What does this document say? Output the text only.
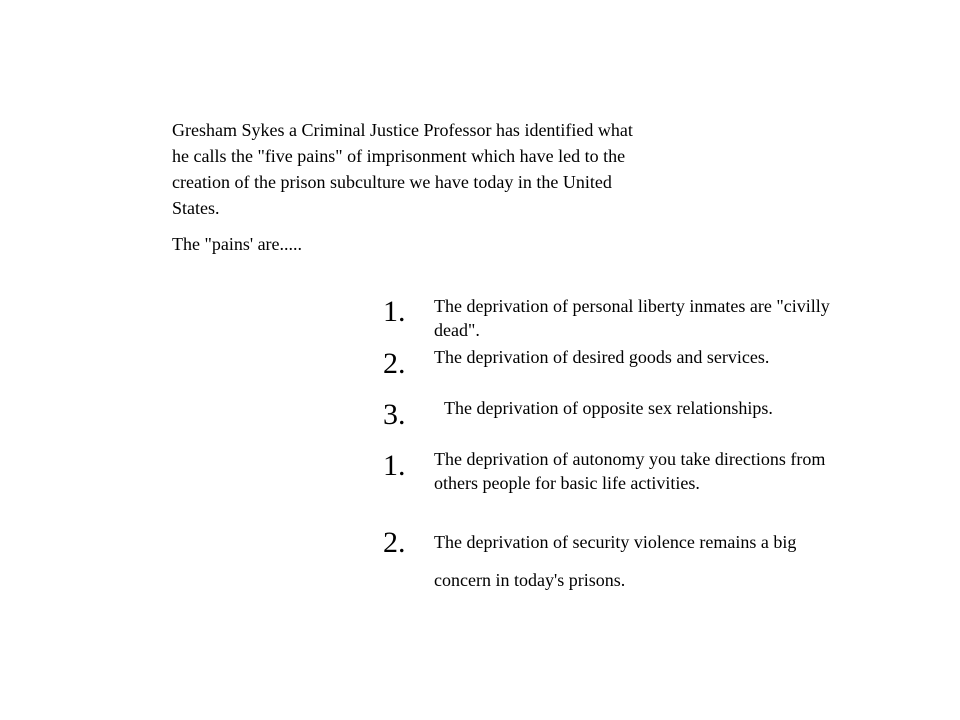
Gresham Sykes a Criminal Justice Professor has identified what he calls the "five pains" of imprisonment which have led to the creation of the prison subculture we have today in the United States.

The "pains' are.....

1. The deprivation of personal liberty inmates are "civilly dead".
2. The deprivation of desired goods and services.
3. The deprivation of opposite sex relationships.
1. The deprivation of autonomy you take directions from others people for basic life activities.
2. The deprivation of security violence remains a big concern in today's prisons.
